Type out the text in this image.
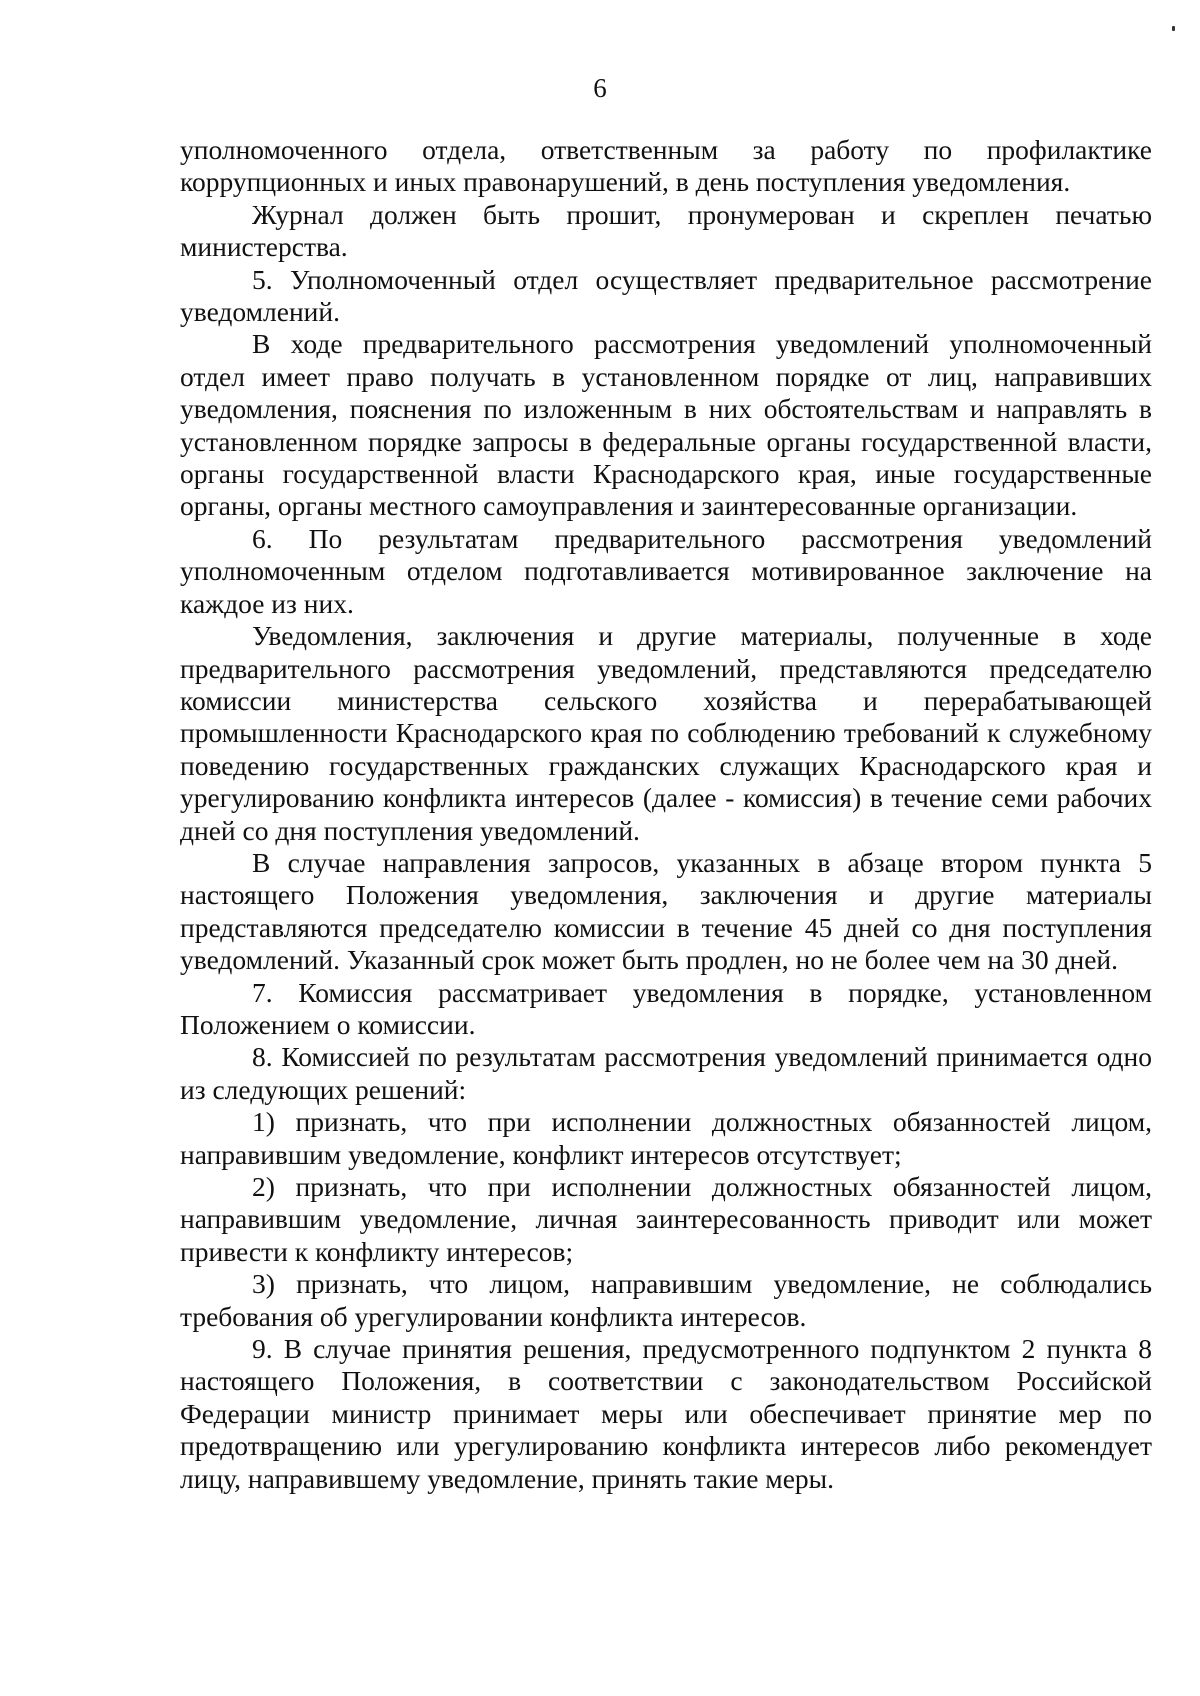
6

уполномоченного отдела, ответственным за работу по профилактике коррупционных и иных правонарушений, в день поступления уведомления.

Журнал должен быть прошит, пронумерован и скреплен печатью министерства.

5. Уполномоченный отдел осуществляет предварительное рассмотрение уведомлений.

В ходе предварительного рассмотрения уведомлений уполномоченный отдел имеет право получать в установленном порядке от лиц, направивших уведомления, пояснения по изложенным в них обстоятельствам и направлять в установленном порядке запросы в федеральные органы государственной власти, органы государственной власти Краснодарского края, иные государственные органы, органы местного самоуправления и заинтересованные организации.

6. По результатам предварительного рассмотрения уведомлений уполномоченным отделом подготавливается мотивированное заключение на каждое из них.

Уведомления, заключения и другие материалы, полученные в ходе предварительного рассмотрения уведомлений, представляются председателю комиссии министерства сельского хозяйства и перерабатывающей промышленности Краснодарского края по соблюдению требований к служебному поведению государственных гражданских служащих Краснодарского края и урегулированию конфликта интересов (далее - комиссия) в течение семи рабочих дней со дня поступления уведомлений.

В случае направления запросов, указанных в абзаце втором пункта 5 настоящего Положения уведомления, заключения и другие материалы представляются председателю комиссии в течение 45 дней со дня поступления уведомлений. Указанный срок может быть продлен, но не более чем на 30 дней.

7. Комиссия рассматривает уведомления в порядке, установленном Положением о комиссии.

8. Комиссией по результатам рассмотрения уведомлений принимается одно из следующих решений:

1) признать, что при исполнении должностных обязанностей лицом, направившим уведомление, конфликт интересов отсутствует;

2) признать, что при исполнении должностных обязанностей лицом, направившим уведомление, личная заинтересованность приводит или может привести к конфликту интересов;

3) признать, что лицом, направившим уведомление, не соблюдались требования об урегулировании конфликта интересов.

9. В случае принятия решения, предусмотренного подпунктом 2 пункта 8 настоящего Положения, в соответствии с законодательством Российской Федерации министр принимает меры или обеспечивает принятие мер по предотвращению или урегулированию конфликта интересов либо рекомендует лицу, направившему уведомление, принять такие меры.
